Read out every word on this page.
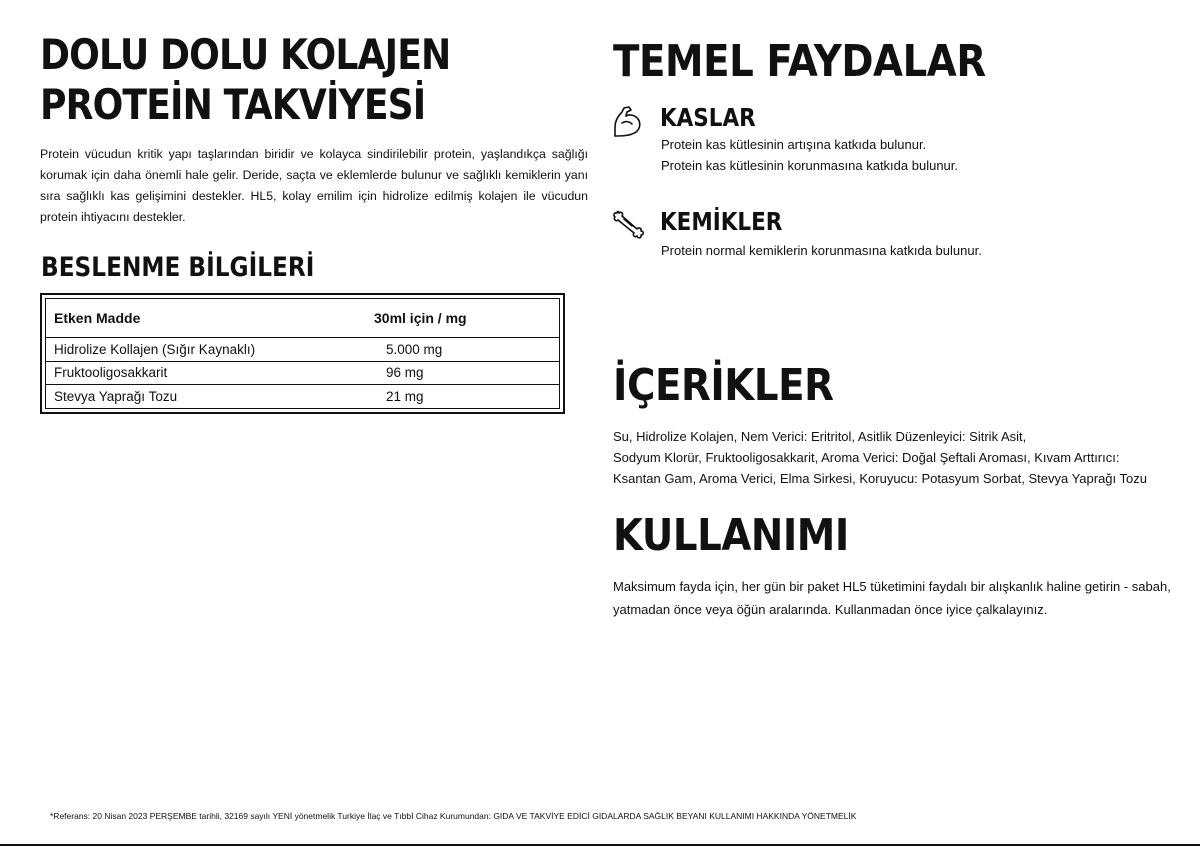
DOLU DOLU KOLAJEN
PROTEİN TAKVİYESİ

Protein vücudun kritik yapı taşlarından biridir ve kolayca sindirilebilir protein, yaşlandıkça sağlığı korumak için daha önemli hale gelir. Deride, saçta ve eklemlerde bulunur ve sağlıklı kemiklerin yanı sıra sağlıklı kas gelişimini destekler. HL5, kolay emilim için hidrolize edilmiş kolajen ile vücudun protein ihtiyacını destekler.

BESLENME BİLGİLERİ
Etken Madde	30ml için / mg
Hidrolize Kollajen (Sığır Kaynaklı)	5.000 mg
Fruktooligosakkarit	96 mg
Stevya Yaprağı Tozu	21 mg
TEMEL FAYDALAR
KASLAR

Protein kas kütlesinin artışına katkıda bulunur.

Protein kas kütlesinin korunmasına katkıda bulunur.

KEMİKLER

Protein normal kemiklerin korunmasına katkıda bulunur.

İÇERİKLER

Su, Hidrolize Kolajen, Nem Verici: Eritritol, Asitlik Düzenleyici: Sitrik Asit,
Sodyum Klorür, Fruktooligosakkarit, Aroma Verici: Doğal Şeftali Aroması, Kıvam Arttırıcı:
Ksantan Gam, Aroma Verici, Elma Sirkesi, Koruyucu: Potasyum Sorbat, Stevya Yaprağı Tozu

KULLANIMI

Maksimum fayda için, her gün bir paket HL5 tüketimini faydalı bir alışkanlık haline getirin - sabah,
yatmadan önce veya öğün aralarında. Kullanmadan önce iyice çalkalayınız.

*Referans: 20 Nisan 2023 PERŞEMBE tarihli, 32169 sayılı YENİ yönetmelik Turkiye İlaç ve Tıbbİ Cihaz Kurumundan: GIDA VE TAKVİYE EDİCİ GIDALARDA SAĞLIK BEYANI KULLANIMI HAKKINDA YÖNETMELİK
